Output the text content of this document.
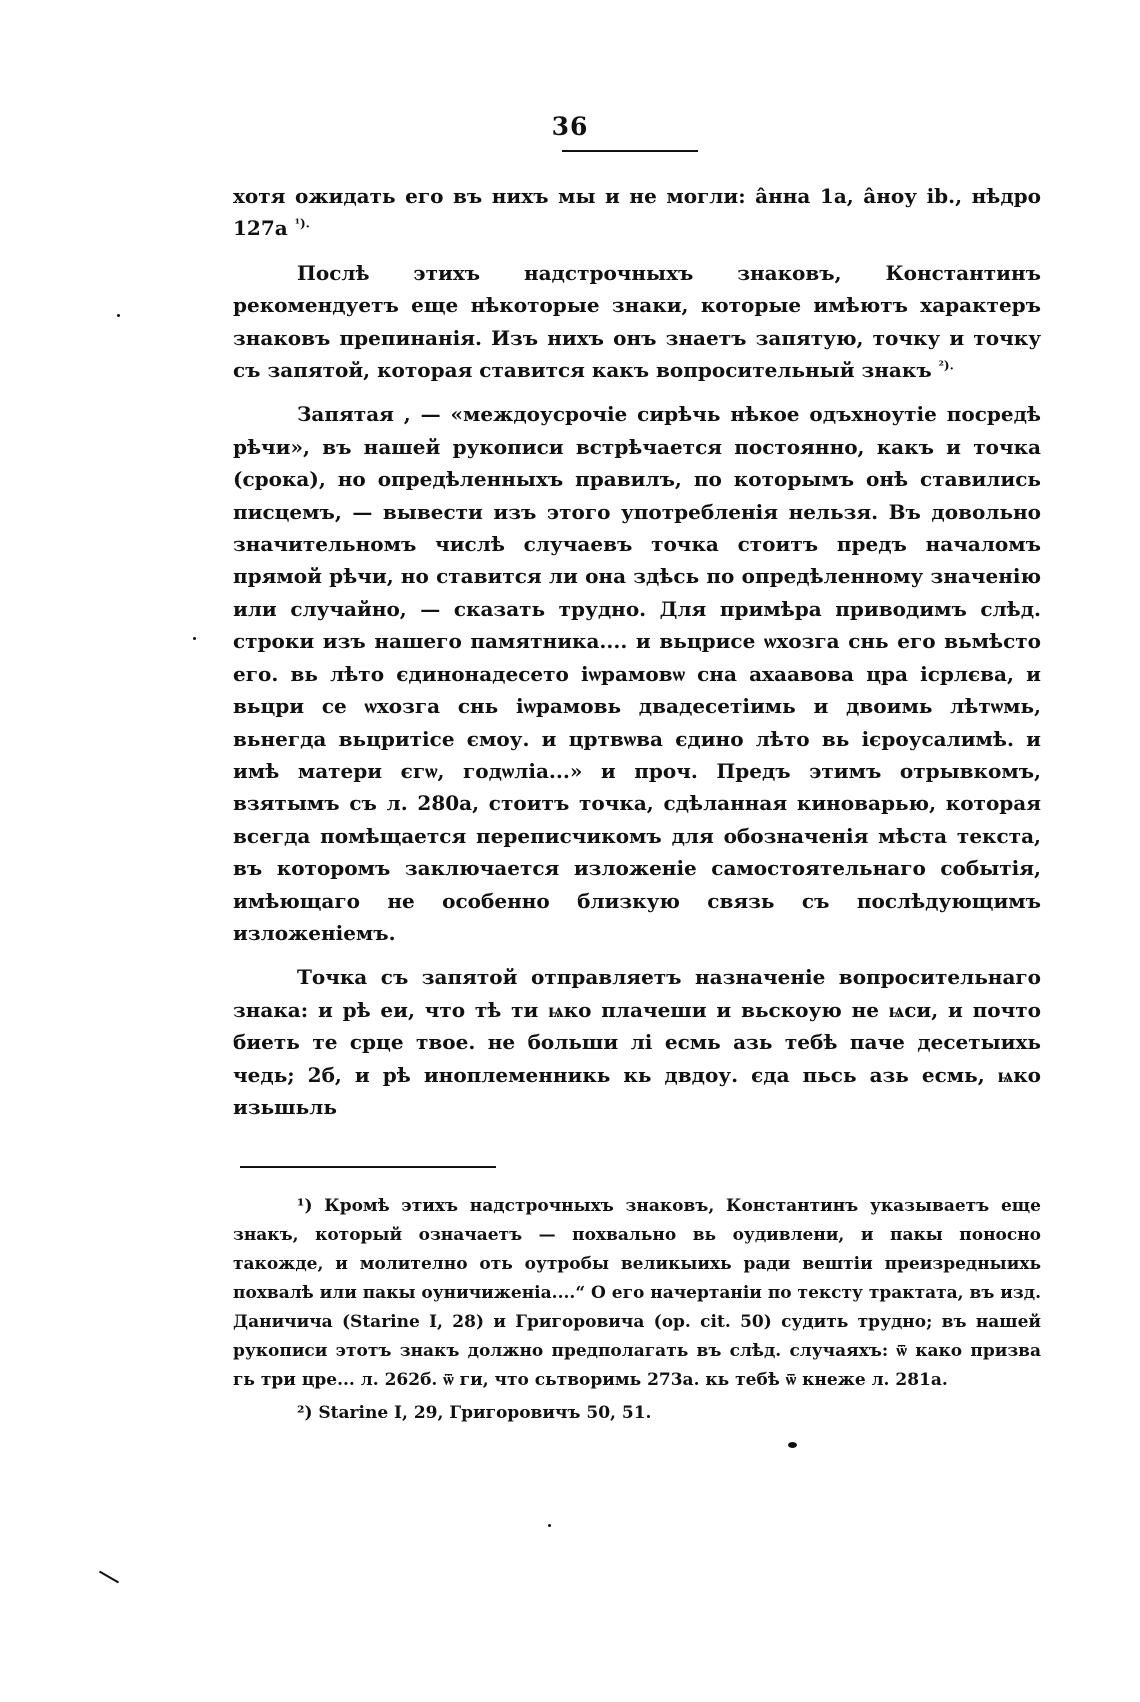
36

хотя ожидать его въ нихъ мы и не могли: а̂нна 1а, а̂ноу іb., нѣдро 127а $^{^1).}$

Послѣ этихъ надстрочныхъ знаковъ, Константинъ рекомендуетъ еще нѣкоторые знаки, которые имѣютъ характеръ знаковъ препинанія. Изъ нихъ онъ знаетъ запятую, точку и точку съ запятой, которая ставится какъ вопросительный знакъ $^{^2).}$

Запятая , — «междоусрочіе сирѣчь нѣкое одъхноутіе посредѣ рѣчи», въ нашей рукописи встрѣчается постоянно, какъ и точка (срока), но опредѣленныхъ правилъ, по которымъ онѣ ставились писцемъ, — вывести изъ этого употребленія нельзя. Въ довольно значительномъ числѣ случаевъ точка стоитъ предъ началомъ прямой рѣчи, но ставится ли она здѣсь по опредѣленному значенію или случайно, — сказать трудно. Для примѣра приводимъ слѣд. строки изъ нашего памятника.... и вьцрисе ѡхозга снь его вьмѣсто его. вь лѣто єдинонадесето іѡрамовѡ сна ахаавова цра ісрлєва, и вьцри се ѡхозга снь іѡрамовь двадесетіимь и двоимь лѣтѡмь, вьнегда вьцритісе ємоу. и цртвѡва єдино лѣто вь ієроусалимѣ. и имѣ матери єгѡ, годѡліа...» и проч. Предъ этимъ отрывкомъ, взятымъ съ л. 280а, стоитъ точка, сдѣланная киноварью, которая всегда помѣщается переписчикомъ для обозначенія мѣста текста, въ которомъ заключается изложеніе самостоятельнаго событія, имѣющаго не особенно близкую связь съ послѣдующимъ изложеніемъ.

Точка съ запятой отправляетъ назначеніе вопросительнаго знака: и рѣ еи, что тѣ ти ѩко плачеши и вьскоую не ѩси, и почто биеть те срце твое. не больши лі есмь азь тебѣ паче десетыихь чедь; 2б, и рѣ иноплеменникь кь двдоу. єда пьсь азь есмь, ѩко изьшьль

¹) Кромѣ этихъ надстрочныхъ знаковъ, Константинъ указываетъ еще знакъ, который означаетъ — похвально вь оудивлени, и пакы поносно такожде, и молително оть оутробы великыихь ради вештіи преизредныихь похвалѣ или пакы оуничиженіа....“ О его начертаніи по тексту трактата, въ изд. Даничича (Starine I, 28) и Григоровича (op. cit. 50) судить трудно; въ нашей рукописи этотъ знакъ должно предполагать въ слѣд. случаяхъ: ѿ како призва гь три цре... л. 262б. ѿ ги, что сьтворимь 273а. кь тебѣ ѿ кнеже л. 281а.

²) Starine I, 29, Григоровичъ 50, 51.
